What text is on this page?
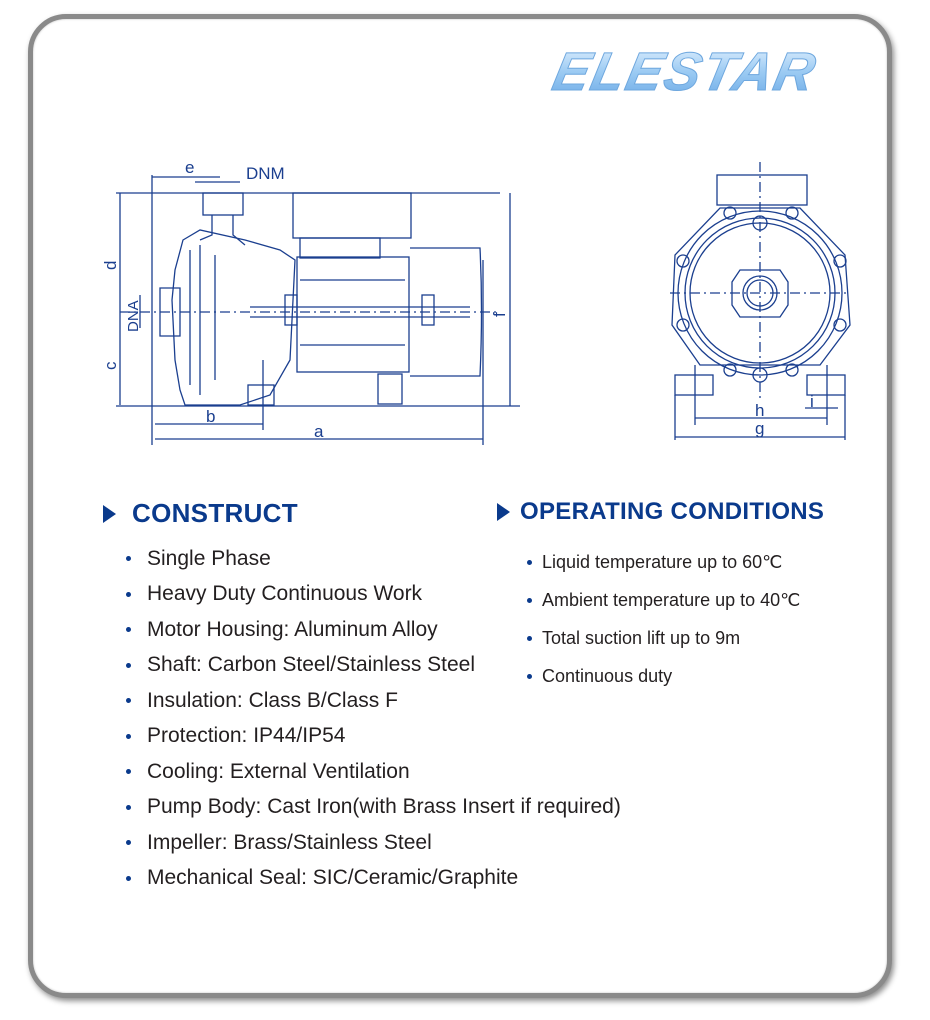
ELESTAR
e	DNM
d
DNA
c
b
a
f
h	i
g
CONSTRUCT
Single Phase
Heavy Duty Continuous Work
Motor Housing: Aluminum Alloy
Shaft: Carbon Steel/Stainless Steel
Insulation: Class B/Class F
Protection: IP44/IP54
Cooling: External Ventilation
Pump Body: Cast Iron(with Brass Insert if required)
Impeller: Brass/Stainless Steel
Mechanical Seal: SIC/Ceramic/Graphite
OPERATING CONDITIONS
Liquid temperature up to 60℃
Ambient temperature up to 40℃
Total suction lift up to 9m
Continuous duty
